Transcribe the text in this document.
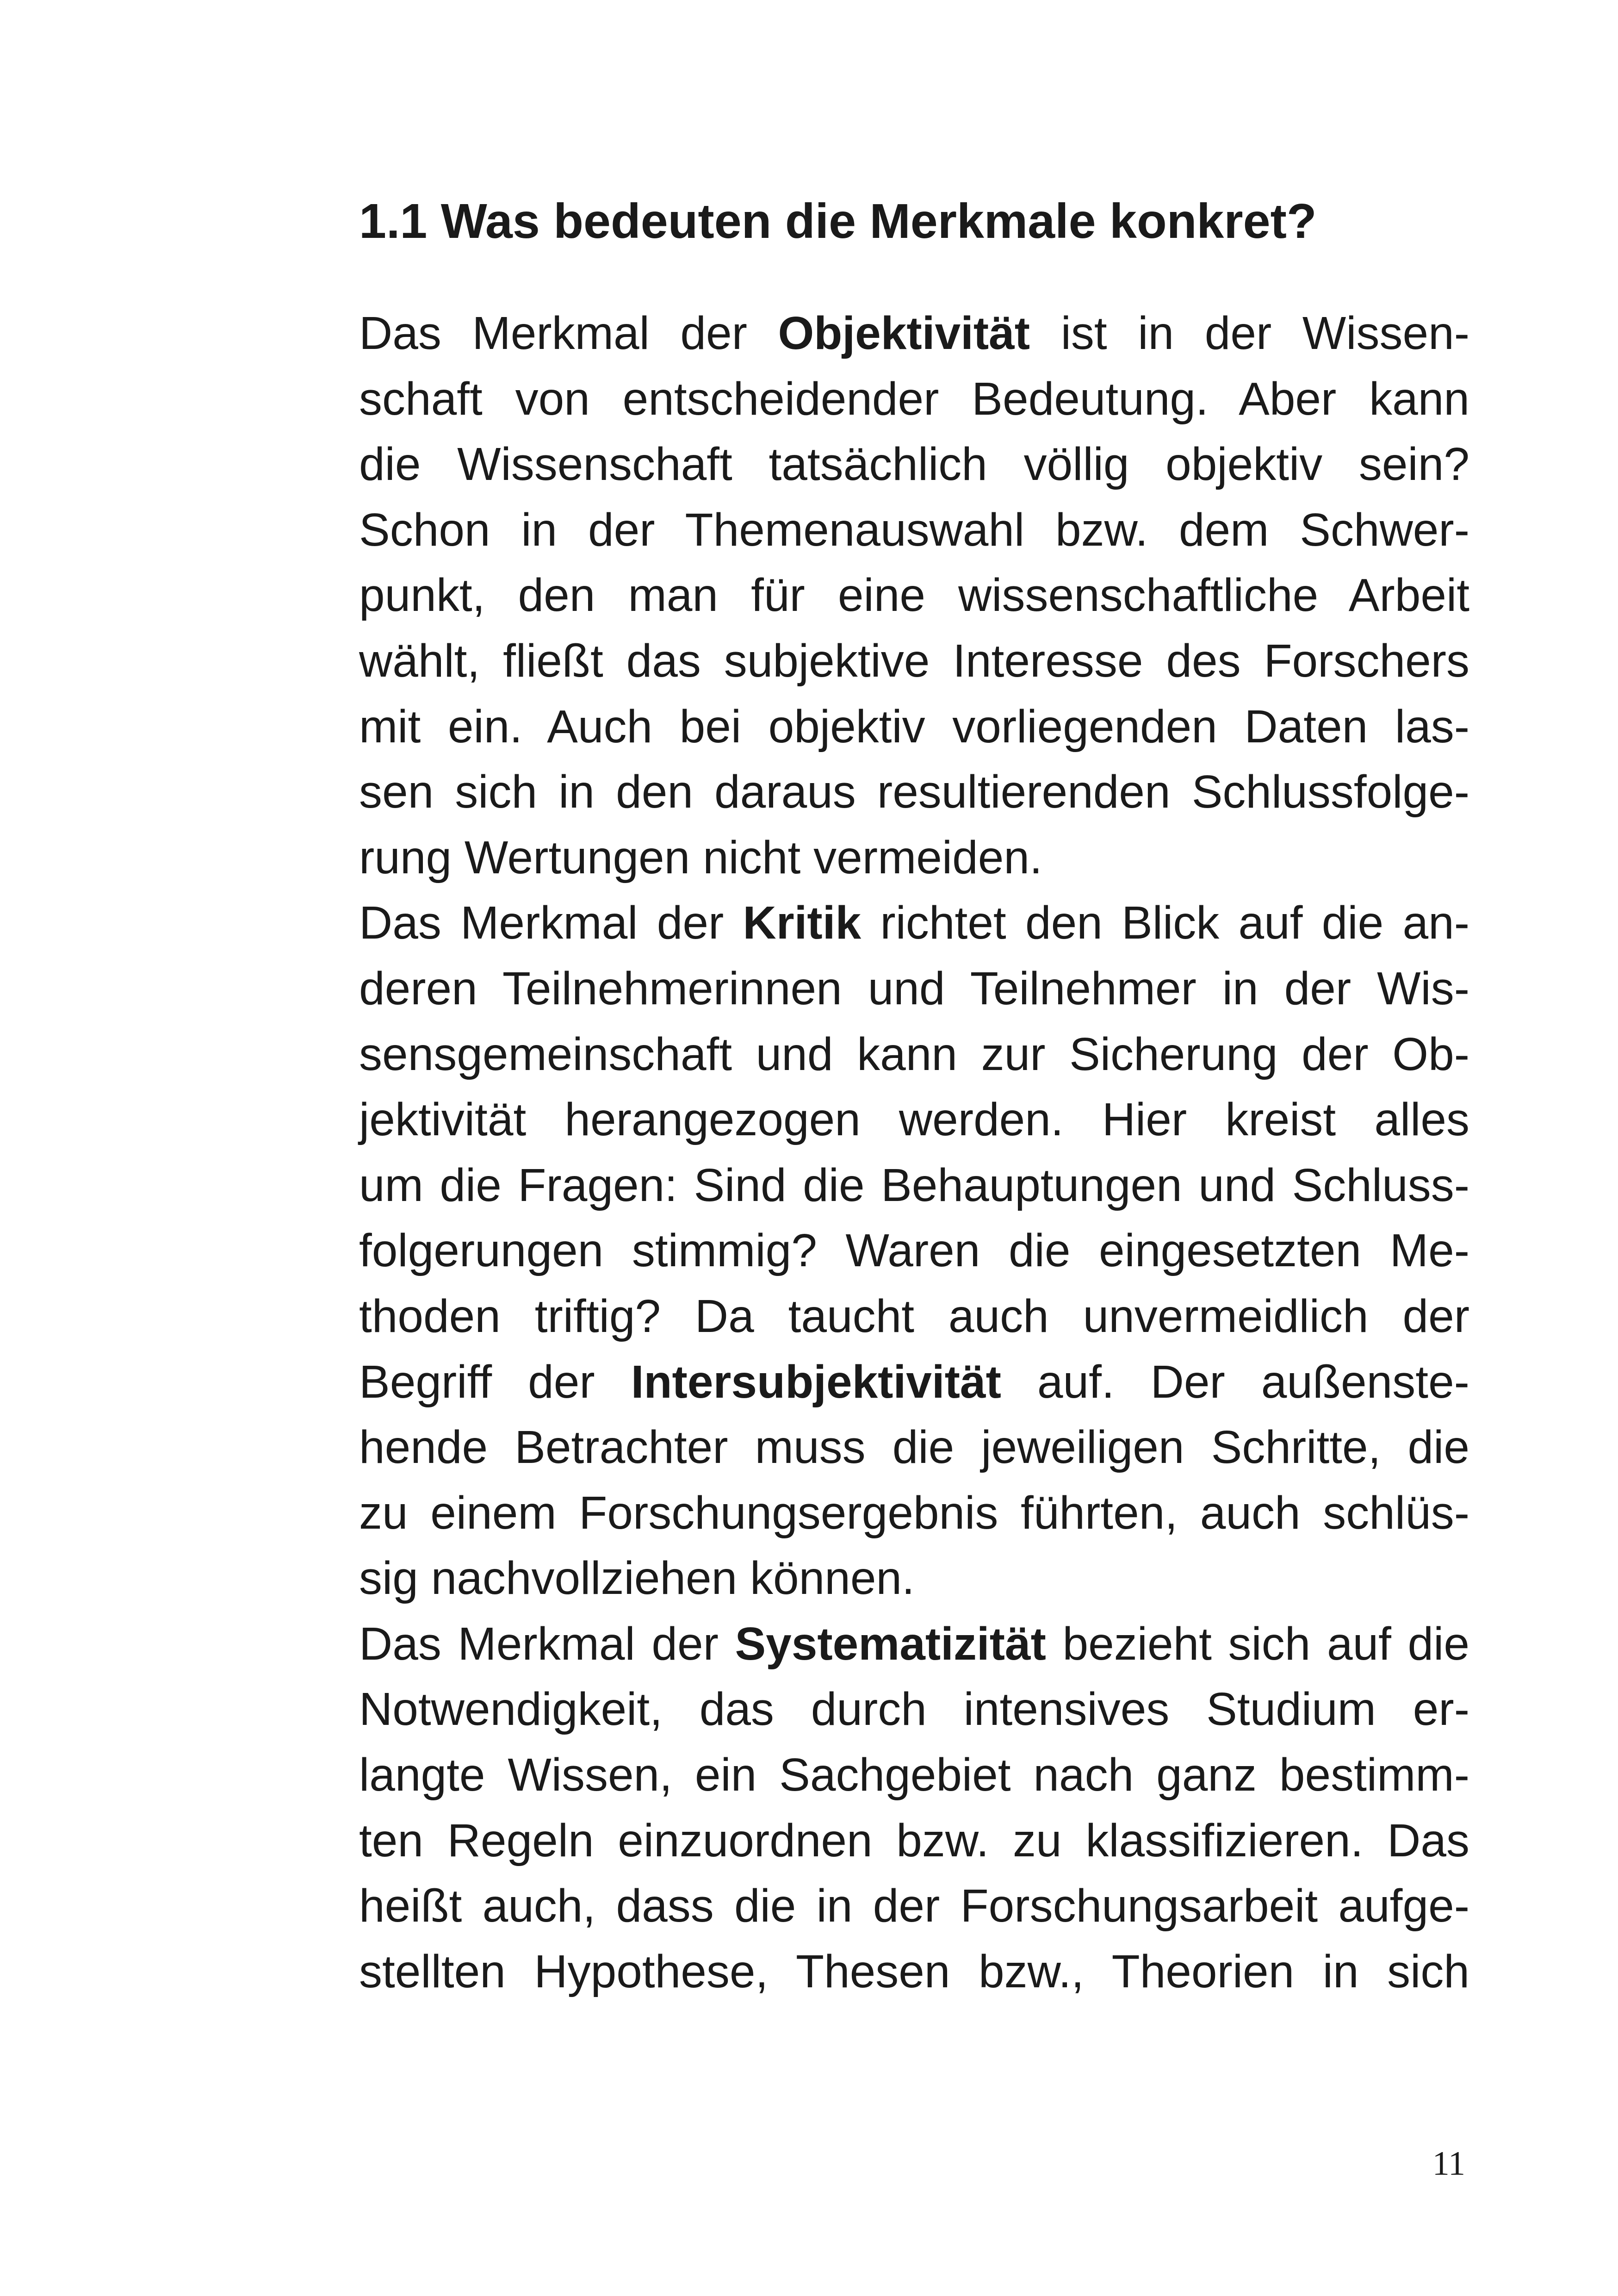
1.1 Was bedeuten die Merkmale konkret?
Das Merkmal der Objektivität ist in der Wissen-
schaft von entscheidender Bedeutung. Aber kann
die Wissenschaft tatsächlich völlig objektiv sein?
Schon in der Themenauswahl bzw. dem Schwer-
punkt, den man für eine wissenschaftliche Arbeit
wählt, fließt das subjektive Interesse des Forschers
mit ein. Auch bei objektiv vorliegenden Daten las-
sen sich in den daraus resultierenden Schlussfolge-
rung Wertungen nicht vermeiden.
Das Merkmal der Kritik richtet den Blick auf die an-
deren Teilnehmerinnen und Teilnehmer in der Wis-
sensgemeinschaft und kann zur Sicherung der Ob-
jektivität herangezogen werden. Hier kreist alles
um die Fragen: Sind die Behauptungen und Schluss-
folgerungen stimmig? Waren die eingesetzten Me-
thoden triftig? Da taucht auch unvermeidlich der
Begriff der Intersubjektivität auf. Der außenste-
hende Betrachter muss die jeweiligen Schritte, die
zu einem Forschungsergebnis führten, auch schlüs-
sig nachvollziehen können.
Das Merkmal der Systematizität bezieht sich auf die
Notwendigkeit, das durch intensives Studium er-
langte Wissen, ein Sachgebiet nach ganz bestimm-
ten Regeln einzuordnen bzw. zu klassifizieren. Das
heißt auch, dass die in der Forschungsarbeit aufge-
stellten Hypothese, Thesen bzw., Theorien in sich
11
